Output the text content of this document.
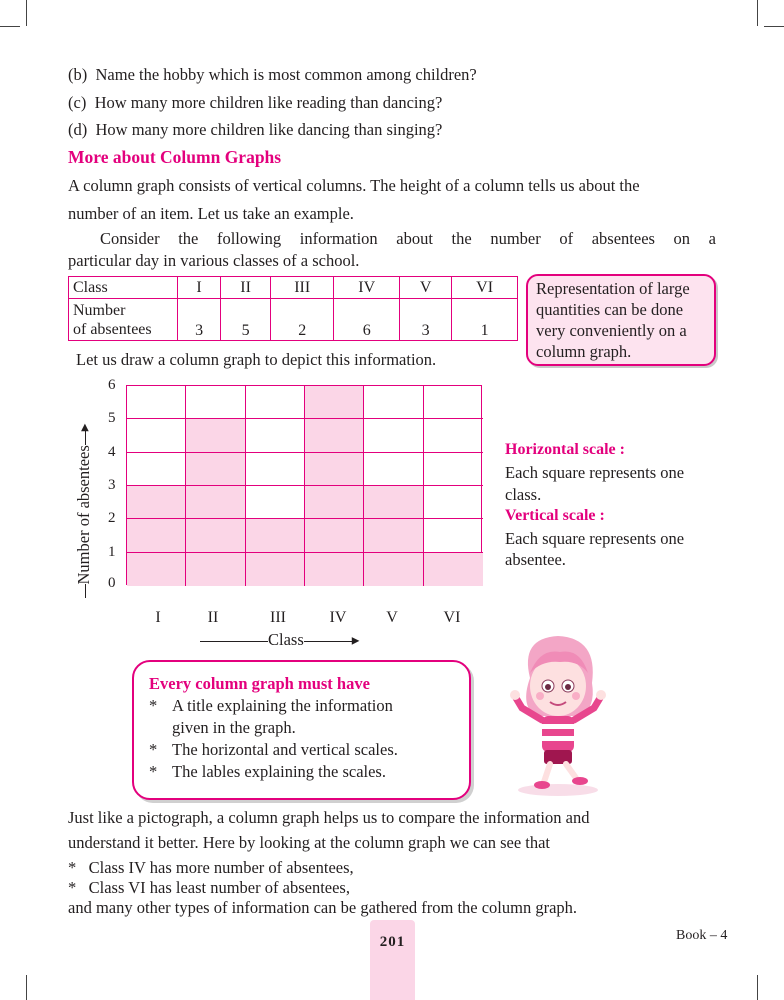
(b) Name the hobby which is most common among children?
(c) How many more children like reading than dancing?
(d) How many more children like dancing than singing?
More about Column Graphs
A column graph consists of vertical columns. The height of a column tells us about the
number of an item. Let us take an example.
Consider the following information about the number of absentees on a
particular day in various classes of a school.
Class	I	II	III	IV	V	VI
Number
of absentees	3	5	2	6	3	1
Representation of large
quantities can be done
very conveniently on a
column graph.
Let us draw a column graph to depict this information.
0
1
2
3
4
5
6
I	II	III	IV	V	VI
Number of absentees▶
Class	▶
Horizontal scale :
Each square represents one
class.
Vertical scale :
Each square represents one
absentee.
Every column graph must have
* A title explaining the information
given in the graph.
* The horizontal and vertical scales.
* The lables explaining the scales.
Just like a pictograph, a column graph helps us to compare the information and
understand it better. Here by looking at the column graph we can see that
* Class IV has more number of absentees,
* Class VI has least number of absentees,
and many other types of information can be gathered from the column graph.
201	Book – 4
